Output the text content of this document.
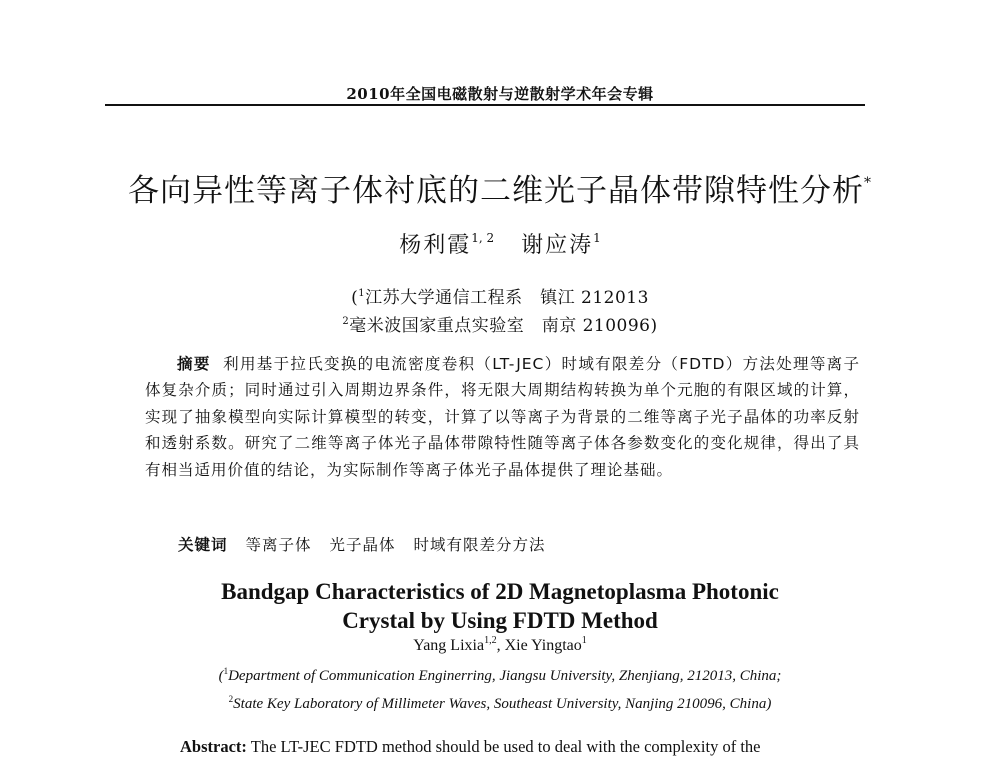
2010年全国电磁散射与逆散射学术年会专辑
各向异性等离子体衬底的二维光子晶体带隙特性分析*
杨利霞$^{1, 2}$ 谢应涛$^1$
($^1$江苏大学通信工程系　镇江 212013
$^2$毫米波国家重点实验室　南京 210096)
摘要 利用基于拉氏变换的电流密度卷积（LT-JEC）时域有限差分（FDTD）方法处理等离子体复杂介质；同时通过引入周期边界条件，将无限大周期结构转换为单个元胞的有限区域的计算，实现了抽象模型向实际计算模型的转变，计算了以等离子为背景的二维等离子光子晶体的功率反射和透射系数。研究了二维等离子体光子晶体带隙特性随等离子体各参数变化的变化规律，得出了具有相当适用价值的结论，为实际制作等离子体光子晶体提供了理论基础。
关键词 等离子体 光子晶体 时域有限差分方法
Bandgap Characteristics of 2D Magnetoplasma Photonic
Crystal by Using FDTD Method
Yang Lixia$^{1,2}$, Xie Yingtao$^1$
($^1$Department of Communication Enginerring, Jiangsu University, Zhenjiang, 212013, China;
$^2$State Key Laboratory of Millimeter Waves, Southeast University, Nanjing 210096, China)
Abstract: The LT-JEC FDTD method should be used to deal with the complexity of the
